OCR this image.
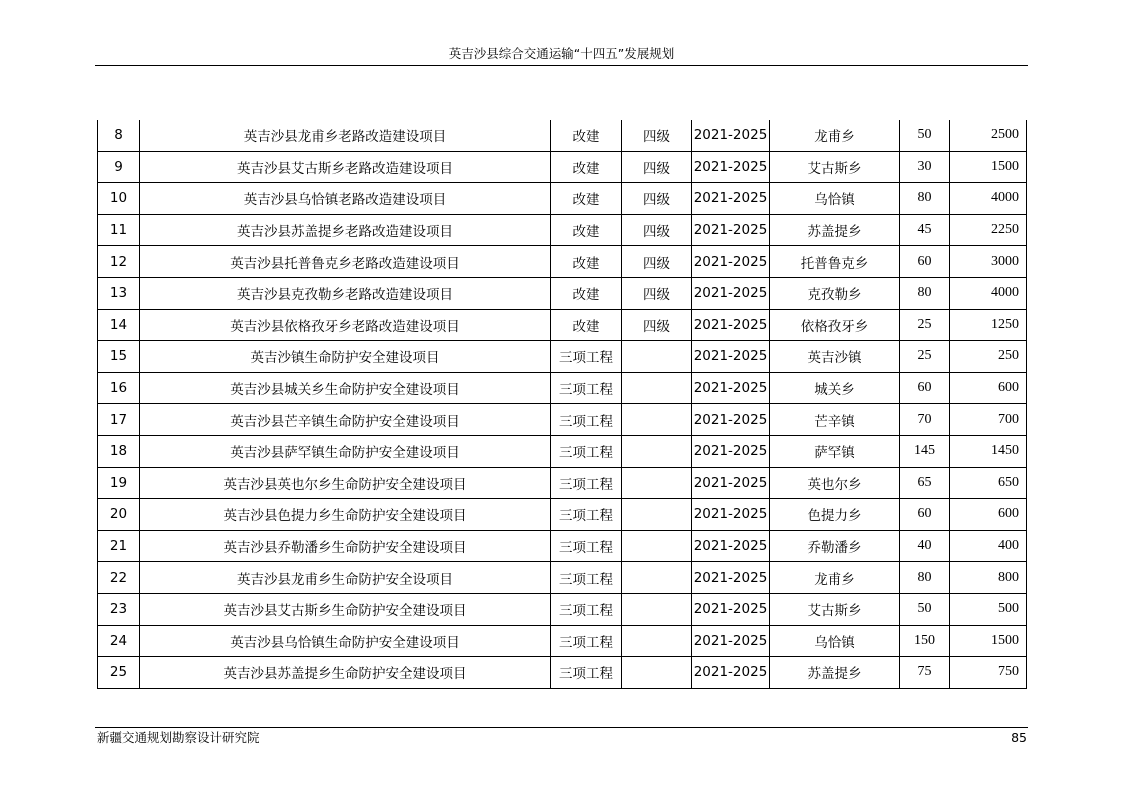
英吉沙县综合交通运输“十四五”发展规划
8	英吉沙县龙甫乡老路改造建设项目	改建	四级	2021-2025	龙甫乡	50	2500
9	英吉沙县艾古斯乡老路改造建设项目	改建	四级	2021-2025	艾古斯乡	30	1500
10	英吉沙县乌恰镇老路改造建设项目	改建	四级	2021-2025	乌恰镇	80	4000
11	英吉沙县苏盖提乡老路改造建设项目	改建	四级	2021-2025	苏盖提乡	45	2250
12	英吉沙县托普鲁克乡老路改造建设项目	改建	四级	2021-2025	托普鲁克乡	60	3000
13	英吉沙县克孜勒乡老路改造建设项目	改建	四级	2021-2025	克孜勒乡	80	4000
14	英吉沙县依格孜牙乡老路改造建设项目	改建	四级	2021-2025	依格孜牙乡	25	1250
15	英吉沙镇生命防护安全建设项目	三项工程		2021-2025	英吉沙镇	25	250
16	英吉沙县城关乡生命防护安全建设项目	三项工程		2021-2025	城关乡	60	600
17	英吉沙县芒辛镇生命防护安全建设项目	三项工程		2021-2025	芒辛镇	70	700
18	英吉沙县萨罕镇生命防护安全建设项目	三项工程		2021-2025	萨罕镇	145	1450
19	英吉沙县英也尔乡生命防护安全建设项目	三项工程		2021-2025	英也尔乡	65	650
20	英吉沙县色提力乡生命防护安全建设项目	三项工程		2021-2025	色提力乡	60	600
21	英吉沙县乔勒潘乡生命防护安全建设项目	三项工程		2021-2025	乔勒潘乡	40	400
22	英吉沙县龙甫乡生命防护安全设项目	三项工程		2021-2025	龙甫乡	80	800
23	英吉沙县艾古斯乡生命防护安全建设项目	三项工程		2021-2025	艾古斯乡	50	500
24	英吉沙县乌恰镇生命防护安全建设项目	三项工程		2021-2025	乌恰镇	150	1500
25	英吉沙县苏盖提乡生命防护安全建设项目	三项工程		2021-2025	苏盖提乡	75	750
新疆交通规划勘察设计研究院	85
